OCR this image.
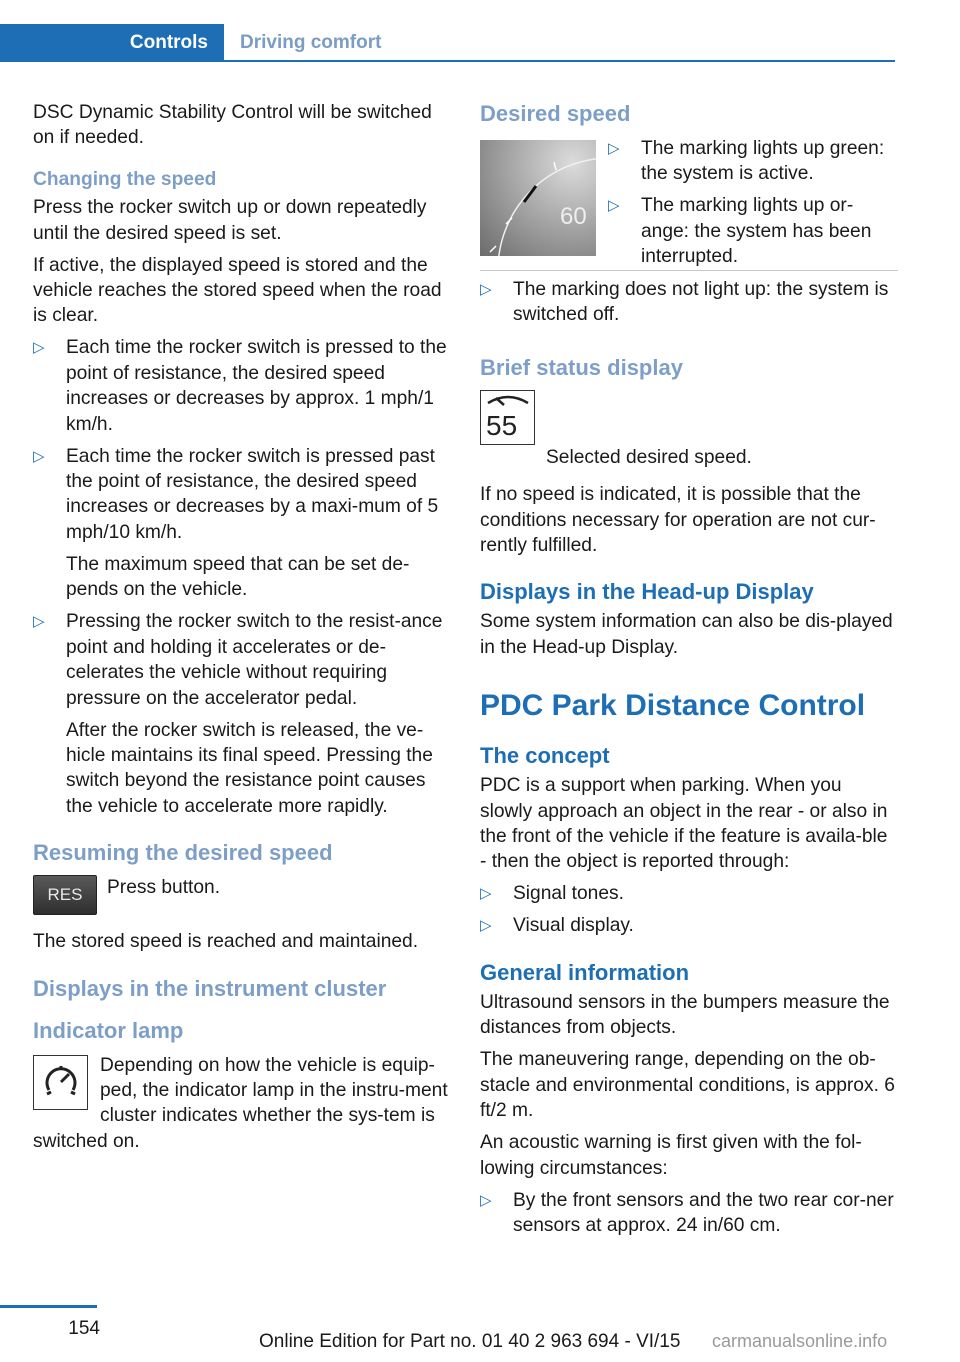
Controls	Driving comfort
DSC Dynamic Stability Control will be switched on if needed.
Changing the speed
Press the rocker switch up or down repeatedly until the desired speed is set.
If active, the displayed speed is stored and the vehicle reaches the stored speed when the road is clear.
▷ Each time the rocker switch is pressed to the point of resistance, the desired speed increases or decreases by approx. 1 mph/1 km/h.
▷ Each time the rocker switch is pressed past the point of resistance, the desired speed increases or decreases by a maxi-mum of 5 mph/10 km/h.
The maximum speed that can be set de-pends on the vehicle.
▷ Pressing the rocker switch to the resist-ance point and holding it accelerates or de-celerates the vehicle without requiring pressure on the accelerator pedal.
After the rocker switch is released, the ve-hicle maintains its final speed. Pressing the switch beyond the resistance point causes the vehicle to accelerate more rapidly.
Resuming the desired speed
RES	Press button.
The stored speed is reached and maintained.
Displays in the instrument cluster
Indicator lamp
Depending on how the vehicle is equip-ped, the indicator lamp in the instru-ment cluster indicates whether the sys-tem is switched on.
Desired speed
60
▷ The marking lights up green: the system is active.
▷ The marking lights up or-ange: the system has been interrupted.
▷ The marking does not light up: the system is switched off.
Brief status display
55
Selected desired speed.
If no speed is indicated, it is possible that the conditions necessary for operation are not cur-rently fulfilled.
Displays in the Head-up Display
Some system information can also be dis-played in the Head-up Display.
PDC Park Distance Control
The concept
PDC is a support when parking. When you slowly approach an object in the rear - or also in the front of the vehicle if the feature is availa-ble - then the object is reported through:
▷ Signal tones.
▷ Visual display.
General information
Ultrasound sensors in the bumpers measure the distances from objects.
The maneuvering range, depending on the ob-stacle and environmental conditions, is approx. 6 ft/2 m.
An acoustic warning is first given with the fol-lowing circumstances:
▷ By the front sensors and the two rear cor-ner sensors at approx. 24 in/60 cm.
154
Online Edition for Part no. 01 40 2 963 694 - VI/15 carmanualsonline.info
